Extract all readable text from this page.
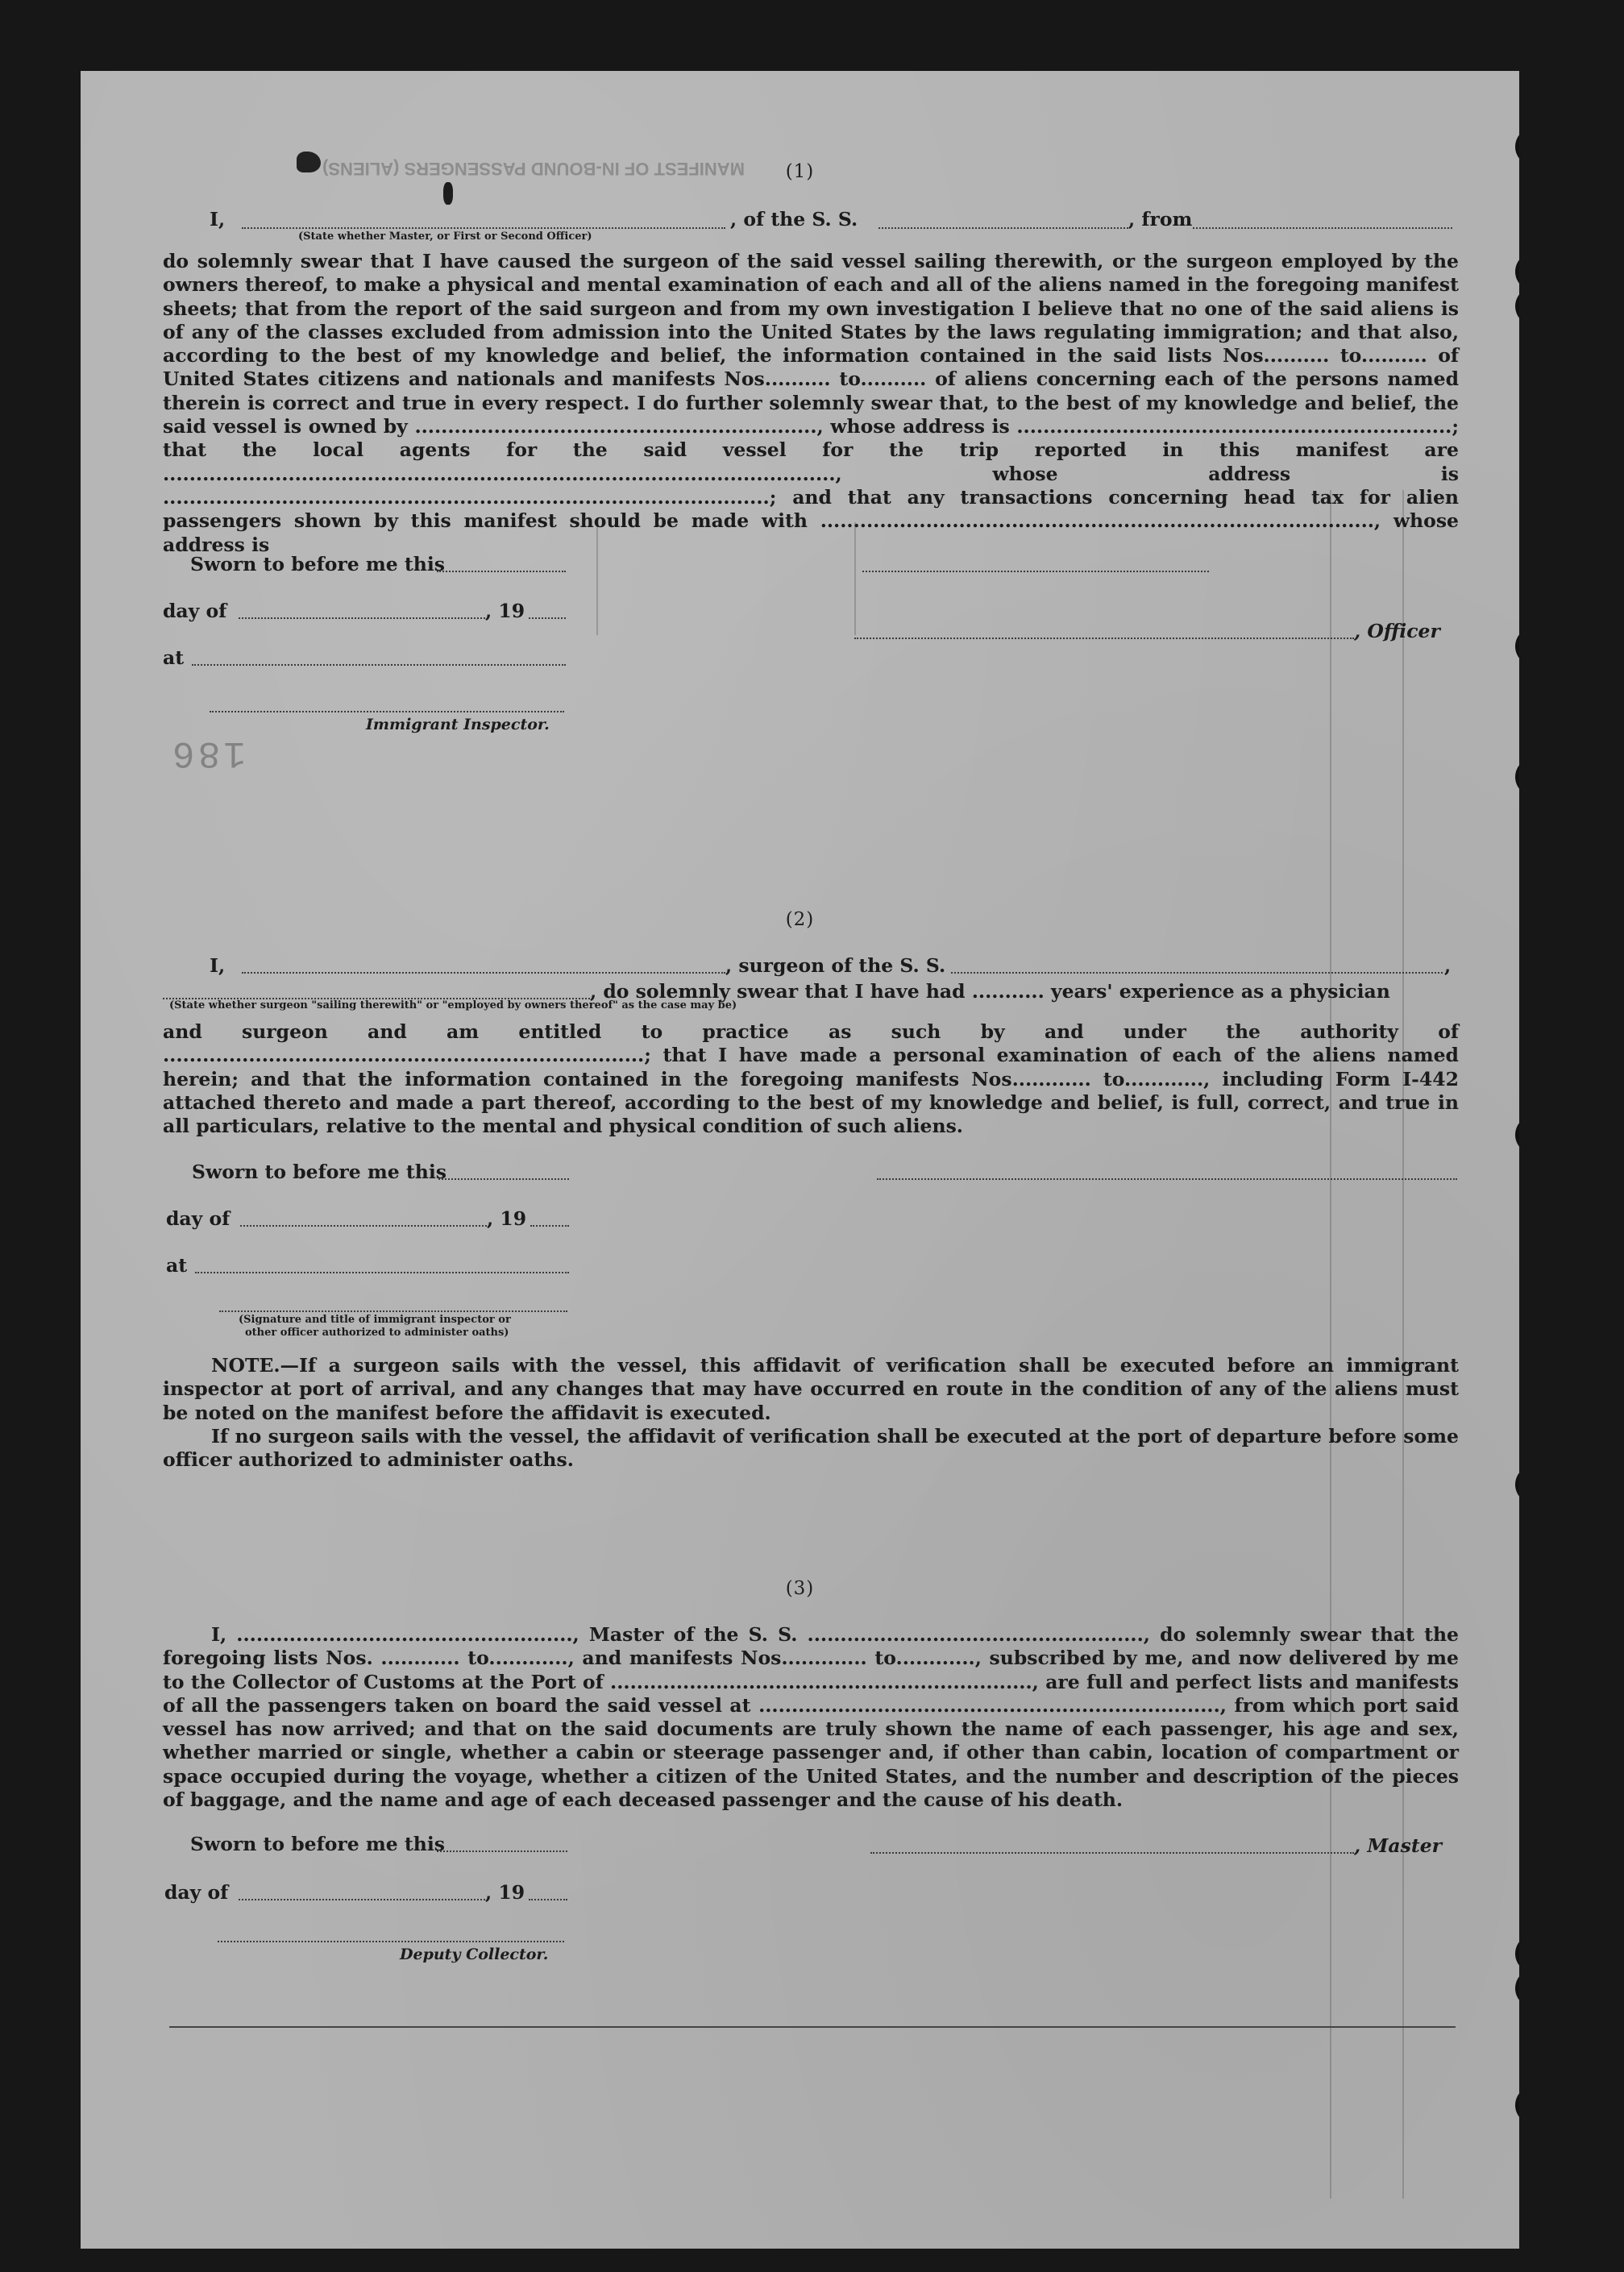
MANIFEST OF IN-BOUND PASSENGERS (ALIENS)
186
(1)
I,	, of the S. S.	, from
(State whether Master, or First or Second Officer)
do solemnly swear that I have caused the surgeon of the said vessel sailing therewith, or the surgeon employed by the owners thereof, to make a physical and mental examination of each and all of the aliens named in the foregoing manifest sheets; that from the report of the said surgeon and from my own investigation I believe that no one of the said aliens is of any of the classes excluded from admission into the United States by the laws regulating immigration; and that also, according to the best of my knowledge and belief, the information contained in the said lists Nos.......... to.......... of United States citizens and nationals and manifests Nos.......... to.......... of aliens concerning each of the persons named therein is correct and true in every respect. I do further solemnly swear that, to the best of my knowledge and belief, the said vessel is owned by ............................................................., whose address is ..................................................................; that the local agents for the said vessel for the trip reported in this manifest are ......................................................................................................, whose address is ............................................................................................; and that any transactions concerning head tax for alien passengers shown by this manifest should be made with ...................................................................................., whose address is
Sworn to before me this
day of	, 19
, Officer
at
Immigrant Inspector.
(2)
I,	, surgeon of the S. S.	,
, do solemnly swear that I have had ........... years' experience as a physician
(State whether surgeon "sailing therewith" or "employed by owners thereof" as the case may be)
and surgeon and am entitled to practice as such by and under the authority of .........................................................................; that I have made a personal examination of each of the aliens named herein; and that the information contained in the foregoing manifests Nos............ to............, including Form I-442 attached thereto and made a part thereof, according to the best of my knowledge and belief, is full, correct, and true in all particulars, relative to the mental and physical condition of such aliens.
Sworn to before me this
day of	, 19
at
(Signature and title of immigrant inspector or
other officer authorized to administer oaths)
NOTE.—If a surgeon sails with the vessel, this affidavit of verification shall be executed before an immigrant inspector at port of arrival, and any changes that may have occurred en route in the condition of any of the aliens must be noted on the manifest before the affidavit is executed.
If no surgeon sails with the vessel, the affidavit of verification shall be executed at the port of departure before some officer authorized to administer oaths.
(3)
I, ..................................................., Master of the S. S. ..................................................., do solemnly swear that the foregoing lists Nos. ............ to............, and manifests Nos............. to............, subscribed by me, and now delivered by me to the Collector of Customs at the Port of ................................................................, are full and perfect lists and manifests of all the passengers taken on board the said vessel at ......................................................................, from which port said vessel has now arrived; and that on the said documents are truly shown the name of each passenger, his age and sex, whether married or single, whether a cabin or steerage passenger and, if other than cabin, location of compartment or space occupied during the voyage, whether a citizen of the United States, and the number and description of the pieces of baggage, and the name and age of each deceased passenger and the cause of his death.
Sworn to before me this	, Master
day of	, 19
Deputy Collector.
